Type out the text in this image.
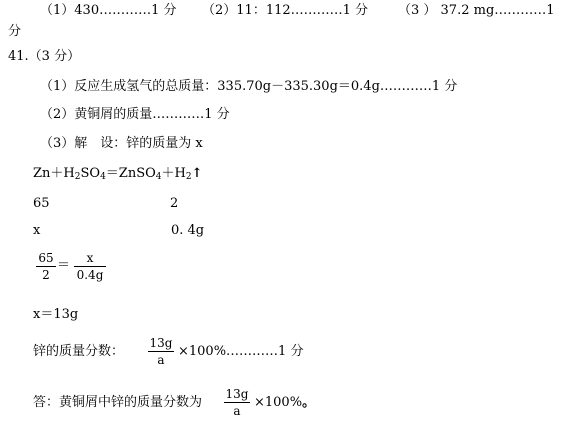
（1）430…………1 分 （2）11：112…………1 分 （3 ） 37.2 mg…………1
分
41.（3 分）
（1）反应生成氢气的总质量：335.70g－335.30g＝0.4g…………1 分
（2）黄铜屑的质量…………1 分
（3）解　设：锌的质量为 x
$Zn+H_2SO_4=ZnSO_4+H_2↑$
65	2
x	0. 4g
65
2
＝	x
0.4g
x＝13g
锌的质量分数：
13g
a
×100%…………1 分
答：黄铜屑中锌的质量分数为
13g
a
×100%。
